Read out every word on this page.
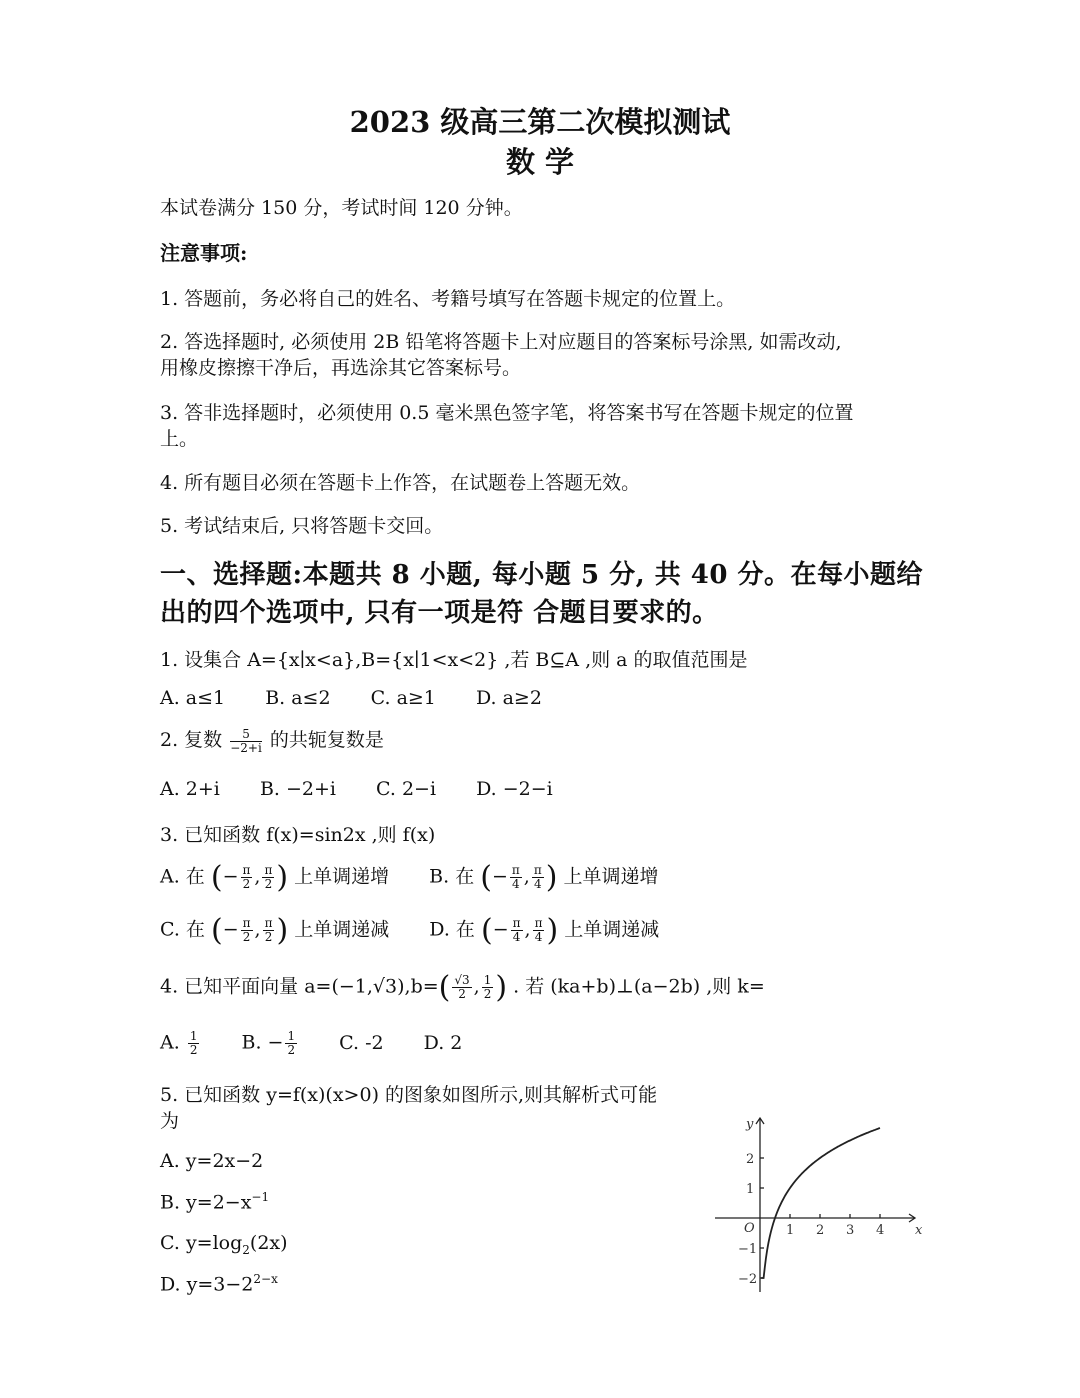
2023 级高三第二次模拟测试
数 学
本试卷满分 150 分，考试时间 120 分钟。
注意事项:
1. 答题前，务必将自己的姓名、考籍号填写在答题卡规定的位置上。
2. 答选择题时, 必须使用 2B 铅笔将答题卡上对应题目的答案标号涂黑, 如需改动,
用橡皮擦擦干净后，再选涂其它答案标号。
3. 答非选择题时，必须使用 0.5 毫米黑色签字笔，将答案书写在答题卡规定的位置
上。
4. 所有题目必须在答题卡上作答，在试题卷上答题无效。
5. 考试结束后, 只将答题卡交回。
一、选择题:本题共 8 小题, 每小题 5 分, 共 40 分。在每小题给
出的四个选项中, 只有一项是符 合题目要求的。
1. 设集合 A={x∣x<a},B={x∣1<x<2} ,若 B⊆A ,则 a 的取值范围是
A. a≤1 B. a≤2 C. a≥1 D. a≥2
2. 复数 $\frac{5}{-2+i}$ 的共轭复数是
A. 2+i B. −2+i C. 2−i D. −2−i
3. 已知函数 f(x)=sin2x ,则 f(x)
A. 在 (− $\frac{\pi}{2}$ , $\frac{\pi}{2}$ ) 上单调递增 B. 在 (− $\frac{\pi}{4}$ , $\frac{\pi}{4}$ ) 上单调递增
C. 在 (− $\frac{\pi}{2}$ , $\frac{\pi}{2}$ ) 上单调递减 D. 在 (− $\frac{\pi}{4}$ , $\frac{\pi}{4}$ ) 上单调递减
4. 已知平面向量 $a=(-1,√3),b=( \frac{√3}{2}$ , $\frac{1}{2}$ ) . 若 (ka+b)⊥(a−2b) ,则 k=
A. $\frac{1}{2} B$. − $\frac{1}{2} C$. -2 D. 2
5. 已知函数 y=f(x)(x>0) 的图象如图所示,则其解析式可能
为
A. y=2x−2
B. $y=2-x^{-1}$
C. $y=\log_2(2x)$
D. $y=3-2^{2-x}$
x
y
O 1 2 3 4
2
1
−1
−2
